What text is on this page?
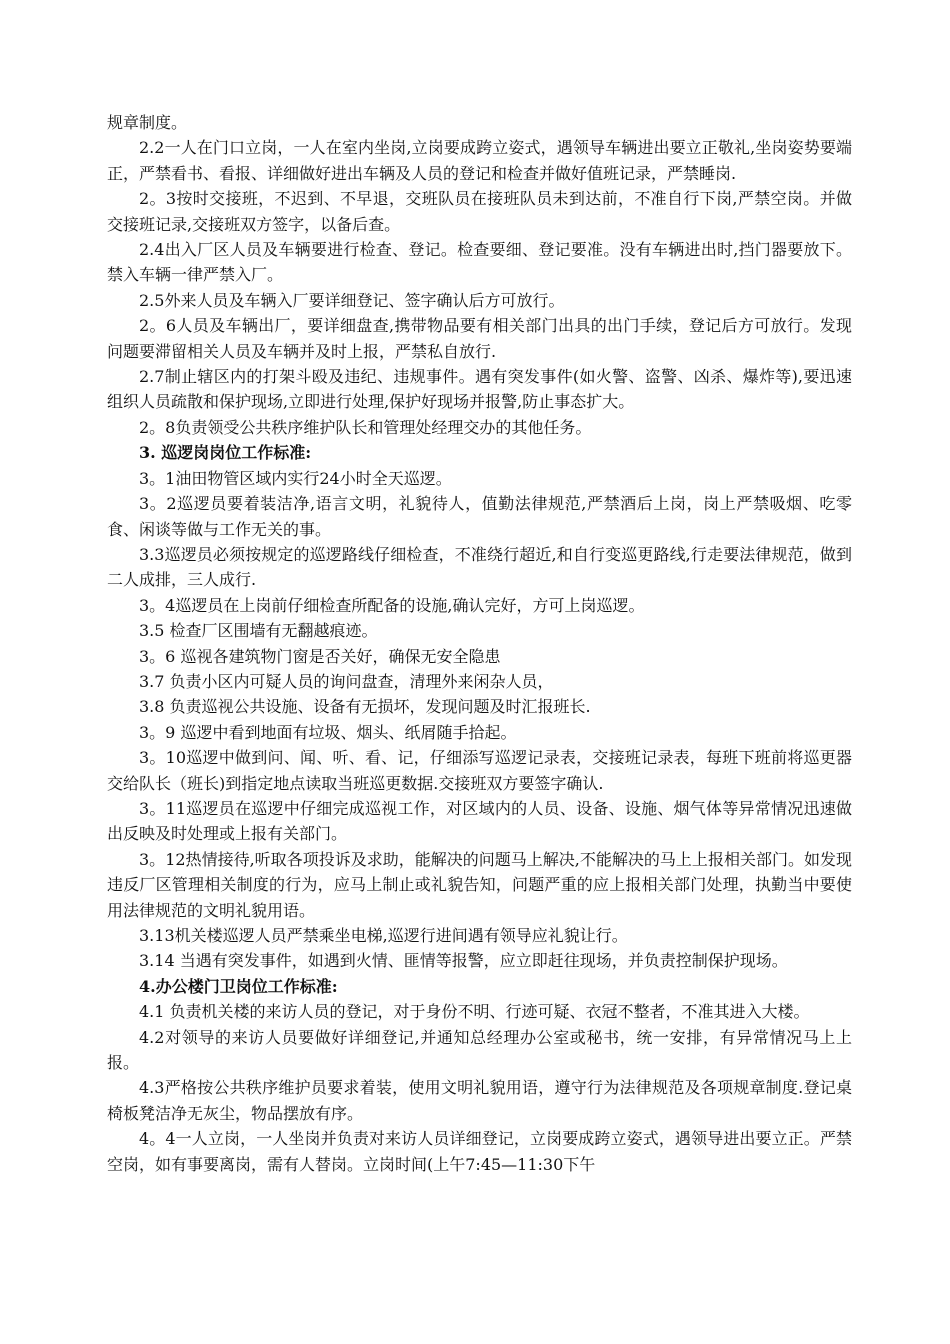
规章制度。

2.2一人在门口立岗，一人在室内坐岗,立岗要成跨立姿式，遇领导车辆进出要立正敬礼,坐岗姿势要端正，严禁看书、看报、详细做好进出车辆及人员的登记和检查并做好值班记录，严禁睡岗.

2。3按时交接班，不迟到、不早退，交班队员在接班队员未到达前，不准自行下岗,严禁空岗。并做交接班记录,交接班双方签字，以备后查。

2.4出入厂区人员及车辆要进行检查、登记。检查要细、登记要准。没有车辆进出时,挡门器要放下。禁入车辆一律严禁入厂。

2.5外来人员及车辆入厂要详细登记、签字确认后方可放行。

2。6人员及车辆出厂，要详细盘查,携带物品要有相关部门出具的出门手续，登记后方可放行。发现问题要滞留相关人员及车辆并及时上报，严禁私自放行.

2.7制止辖区内的打架斗殴及违纪、违规事件。遇有突发事件(如火警、盗警、凶杀、爆炸等),要迅速组织人员疏散和保护现场,立即进行处理,保护好现场并报警,防止事态扩大。

2。8负责领受公共秩序维护队长和管理处经理交办的其他任务。

3. 巡逻岗岗位工作标准:

3。1油田物管区域内实行24小时全天巡逻。

3。2巡逻员要着装洁净,语言文明，礼貌待人，值勤法律规范,严禁酒后上岗，岗上严禁吸烟、吃零食、闲谈等做与工作无关的事。

3.3巡逻员必须按规定的巡逻路线仔细检查，不准绕行超近,和自行变巡更路线,行走要法律规范，做到二人成排，三人成行.

3。4巡逻员在上岗前仔细检查所配备的设施,确认完好，方可上岗巡逻。

3.5 检查厂区围墙有无翻越痕迹。

3。6 巡视各建筑物门窗是否关好，确保无安全隐患

3.7 负责小区内可疑人员的询问盘查，清理外来闲杂人员，

3.8 负责巡视公共设施、设备有无损坏，发现问题及时汇报班长.

3。9 巡逻中看到地面有垃圾、烟头、纸屑随手拾起。

3。10巡逻中做到问、闻、听、看、记，仔细添写巡逻记录表，交接班记录表，每班下班前将巡更器交给队长（班长)到指定地点读取当班巡更数据.交接班双方要签字确认.

3。11巡逻员在巡逻中仔细完成巡视工作，对区域内的人员、设备、设施、烟气体等异常情况迅速做出反映及时处理或上报有关部门。

3。12热情接待,听取各项投诉及求助，能解决的问题马上解决,不能解决的马上上报相关部门。如发现违反厂区管理相关制度的行为，应马上制止或礼貌告知，问题严重的应上报相关部门处理，执勤当中要使用法律规范的文明礼貌用语。

3.13机关楼巡逻人员严禁乘坐电梯,巡逻行进间遇有领导应礼貌让行。

3.14 当遇有突发事件，如遇到火情、匪情等报警，应立即赶往现场，并负责控制保护现场。

4.办公楼门卫岗位工作标准:

4.1 负责机关楼的来访人员的登记，对于身份不明、行迹可疑、衣冠不整者，不准其进入大楼。

4.2对领导的来访人员要做好详细登记,并通知总经理办公室或秘书，统一安排，有异常情况马上上报。

4.3严格按公共秩序维护员要求着装，使用文明礼貌用语，遵守行为法律规范及各项规章制度.登记桌椅板凳洁净无灰尘，物品摆放有序。

4。4一人立岗，一人坐岗并负责对来访人员详细登记，立岗要成跨立姿式，遇领导进出要立正。严禁空岗，如有事要离岗，需有人替岗。立岗时间(上午7:45—11:30下午
